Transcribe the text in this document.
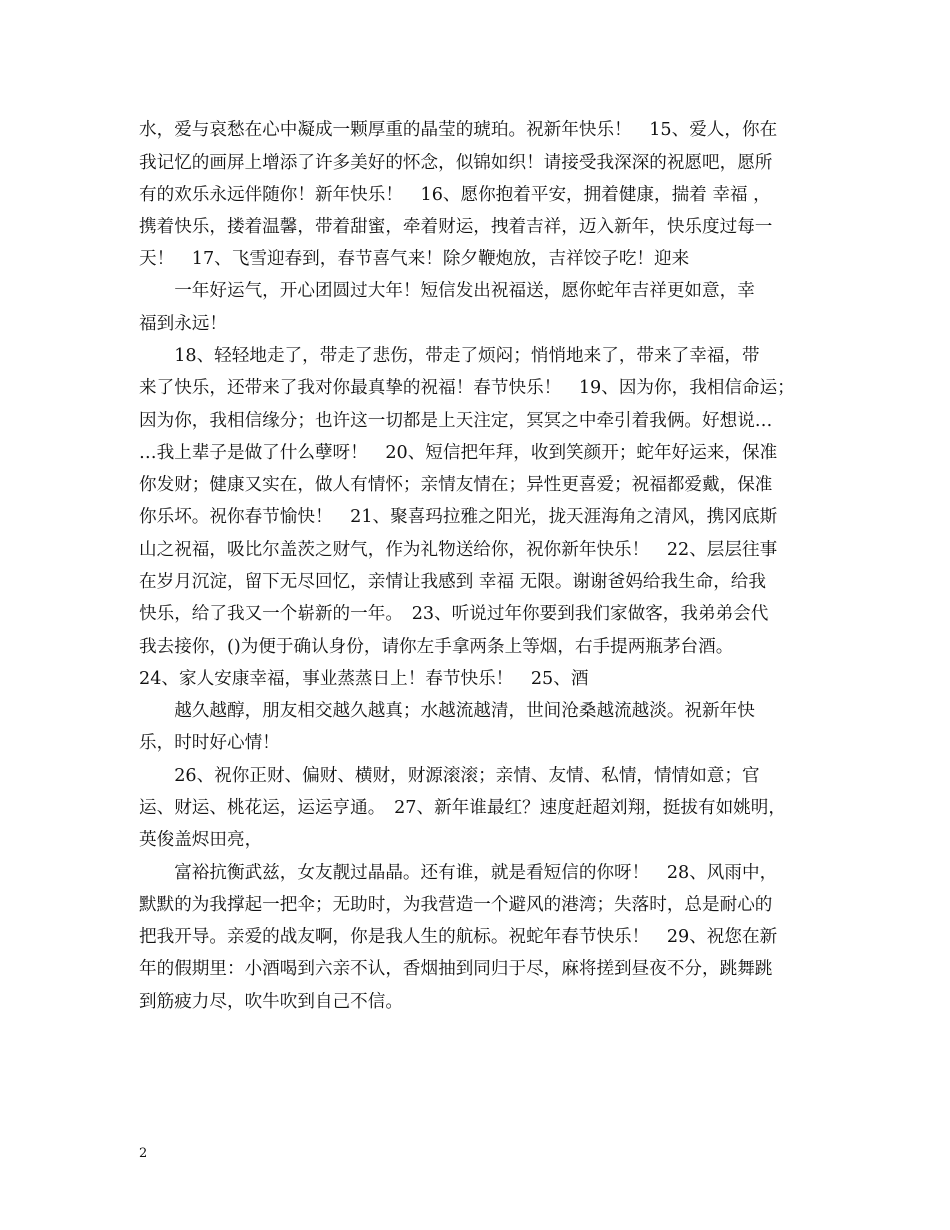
水，爱与哀愁在心中凝成一颗厚重的晶莹的琥珀。祝新年快乐！　15、爱人，你在
我记忆的画屏上增添了许多美好的怀念，似锦如织！请接受我深深的祝愿吧，愿所
有的欢乐永远伴随你！新年快乐！　16、愿你抱着平安，拥着健康，揣着 幸福 ，
携着快乐，搂着温馨，带着甜蜜，牵着财运，拽着吉祥，迈入新年，快乐度过每一
天！　17、飞雪迎春到，春节喜气来！除夕鞭炮放，吉祥饺子吃！迎来
　　一年好运气，开心团圆过大年！短信发出祝福送，愿你蛇年吉祥更如意，幸
福到永远！
　　18、轻轻地走了，带走了悲伤，带走了烦闷；悄悄地来了，带来了幸福，带
来了快乐，还带来了我对你最真挚的祝福！春节快乐！　19、因为你，我相信命运；
因为你，我相信缘分；也许这一切都是上天注定，冥冥之中牵引着我俩。好想说…
…我上辈子是做了什么孽呀！　20、短信把年拜，收到笑颜开；蛇年好运来，保准
你发财；健康又实在，做人有情怀；亲情友情在；异性更喜爱；祝福都爱戴，保准
你乐坏。祝你春节愉快！　21、聚喜玛拉雅之阳光，拢天涯海角之清风，携冈底斯
山之祝福，吸比尔盖茨之财气，作为礼物送给你，祝你新年快乐！　22、层层往事
在岁月沉淀，留下无尽回忆，亲情让我感到 幸福 无限。谢谢爸妈给我生命，给我
快乐，给了我又一个崭新的一年。　23、听说过年你要到我们家做客，我弟弟会代
我去接你，()为便于确认身份，请你左手拿两条上等烟，右手提两瓶茅台酒。
24、家人安康幸福，事业蒸蒸日上！春节快乐！　25、酒
　　越久越醇，朋友相交越久越真；水越流越清，世间沧桑越流越淡。祝新年快
乐，时时好心情！
　　26、祝你正财、偏财、横财，财源滚滚；亲情、友情、私情，情情如意；官
运、财运、桃花运，运运亨通。　27、新年谁最红？速度赶超刘翔，挺拔有如姚明，
英俊盖烬田亮，
　　富裕抗衡武兹，女友靓过晶晶。还有谁，就是看短信的你呀！　28、风雨中，
默默的为我撑起一把伞；无助时，为我营造一个避风的港湾；失落时，总是耐心的
把我开导。亲爱的战友啊，你是我人生的航标。祝蛇年春节快乐！　29、祝您在新
年的假期里：小酒喝到六亲不认，香烟抽到同归于尽，麻将搓到昼夜不分，跳舞跳
到筋疲力尽，吹牛吹到自己不信。
2
